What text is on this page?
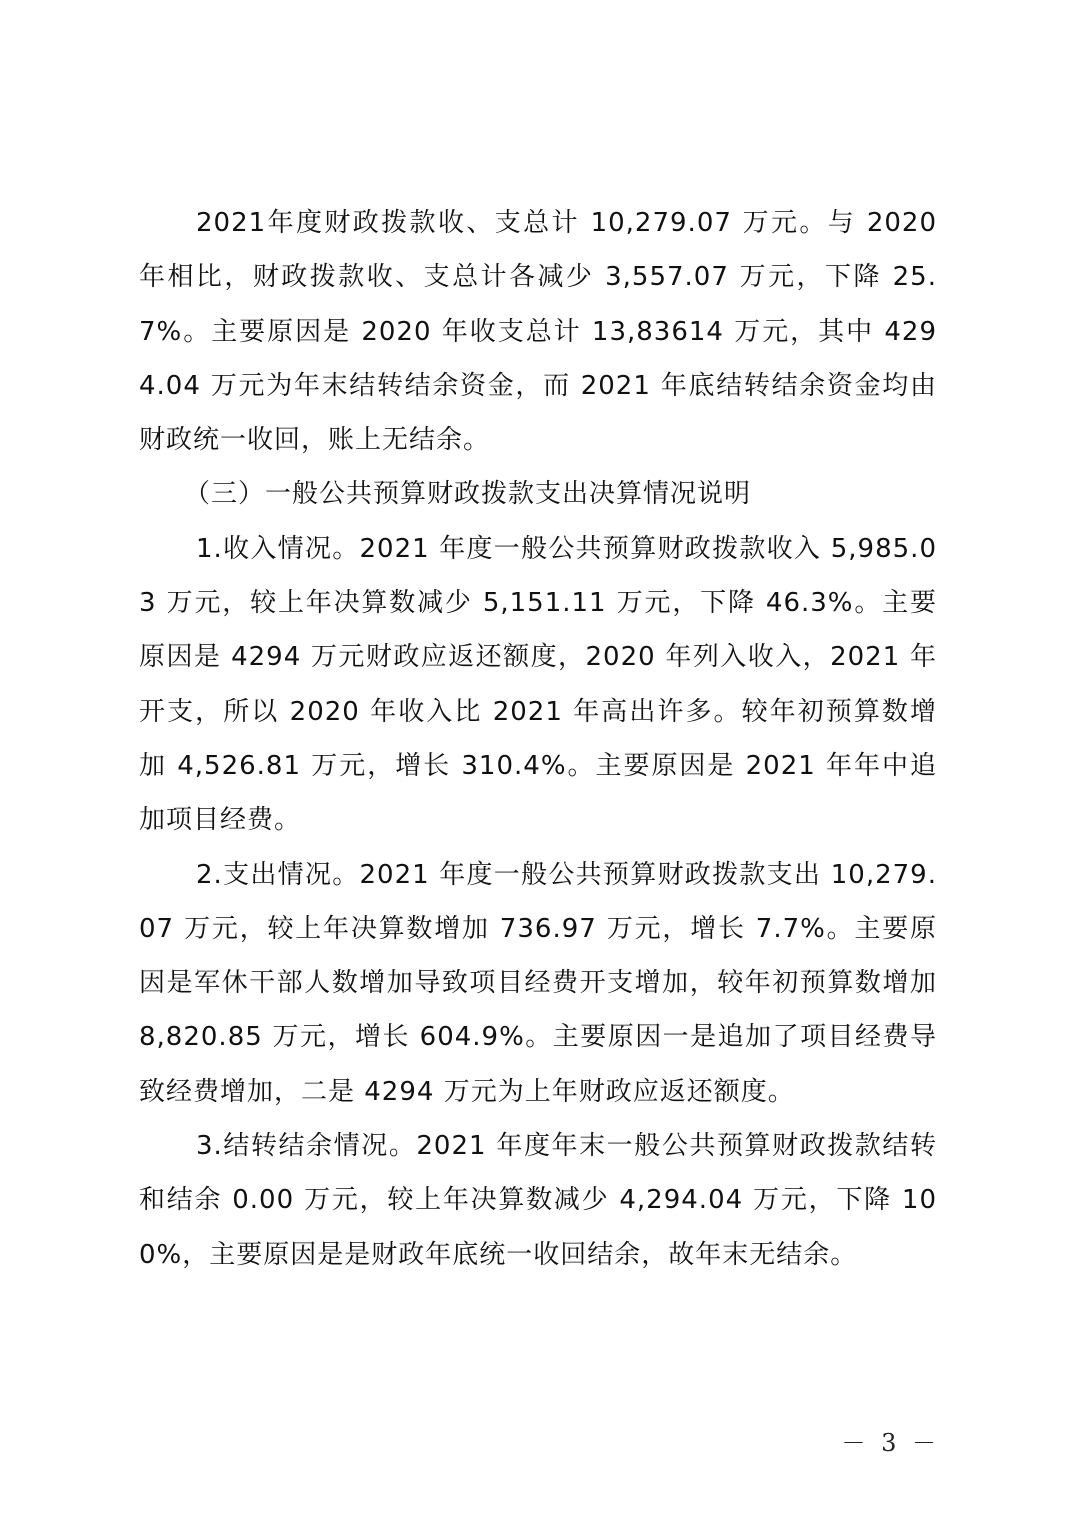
2021年度财政拨款收、支总计 10,279.07 万元。与 2020 年相比，财政拨款收、支总计各减少 3,557.07 万元，下降 25.7%。主要原因是 2020 年收支总计 13,83614 万元，其中 4294.04 万元为年末结转结余资金，而 2021 年底结转结余资金均由财政统一收回，账上无结余。

（三）一般公共预算财政拨款支出决算情况说明

1.收入情况。2021 年度一般公共预算财政拨款收入 5,985.03 万元，较上年决算数减少 5,151.11 万元，下降 46.3%。主要原因是 4294 万元财政应返还额度，2020 年列入收入，2021 年开支，所以 2020 年收入比 2021 年高出许多。较年初预算数增加 4,526.81 万元，增长 310.4%。主要原因是 2021 年年中追加项目经费。

2.支出情况。2021 年度一般公共预算财政拨款支出 10,279.07 万元，较上年决算数增加 736.97 万元，增长 7.7%。主要原因是军休干部人数增加导致项目经费开支增加，较年初预算数增加 8,820.85 万元，增长 604.9%。主要原因一是追加了项目经费导致经费增加，二是 4294 万元为上年财政应返还额度。

3.结转结余情况。2021 年度年末一般公共预算财政拨款结转和结余 0.00 万元，较上年决算数减少 4,294.04 万元，下降 100%，主要原因是是财政年底统一收回结余，故年末无结余。

－ 3 －
